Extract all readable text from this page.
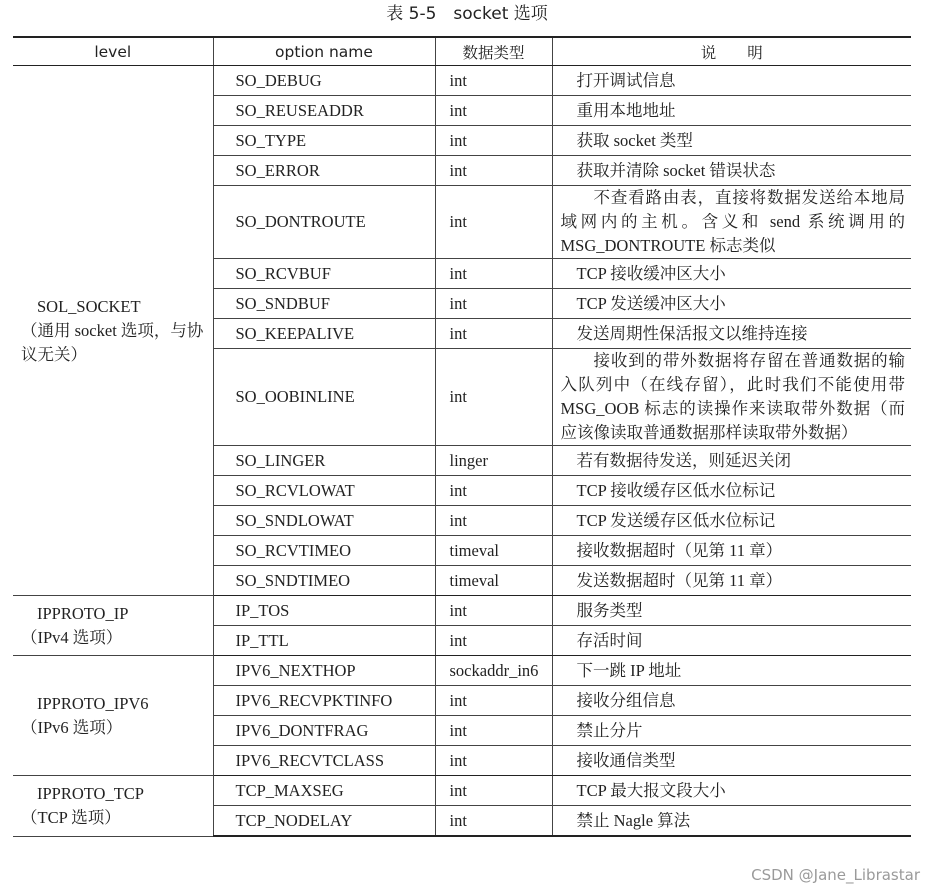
表 5-5　socket 选项
level	option name	数据类型	说　　明

SOL_SOCKET
（通用 socket 选项，与协议无关）	SO_DEBUG	int	打开调试信息
	SO_REUSEADDR	int	重用本地地址
	SO_TYPE	int	获取 socket 类型
	SO_ERROR	int	获取并清除 socket 错误状态
	SO_DONTROUTE	int	不查看路由表，直接将数据发送给本地局域网内的主机。含义和 send 系统调用的 MSG_DONTROUTE 标志类似
	SO_RCVBUF	int	TCP 接收缓冲区大小
	SO_SNDBUF	int	TCP 发送缓冲区大小
	SO_KEEPALIVE	int	发送周期性保活报文以维持连接
	SO_OOBINLINE	int	接收到的带外数据将存留在普通数据的输入队列中（在线存留），此时我们不能使用带 MSG_OOB 标志的读操作来读取带外数据（而应该像读取普通数据那样读取带外数据）
	SO_LINGER	linger	若有数据待发送，则延迟关闭
	SO_RCVLOWAT	int	TCP 接收缓存区低水位标记
	SO_SNDLOWAT	int	TCP 发送缓存区低水位标记
	SO_RCVTIMEO	timeval	接收数据超时（见第 11 章）
	SO_SNDTIMEO	timeval	发送数据超时（见第 11 章）

IPPROTO_IP
（IPv4 选项）	IP_TOS	int	服务类型
	IP_TTL	int	存活时间

IPPROTO_IPV6
（IPv6 选项）	IPV6_NEXTHOP	sockaddr_in6	下一跳 IP 地址
	IPV6_RECVPKTINFO	int	接收分组信息
	IPV6_DONTFRAG	int	禁止分片
	IPV6_RECVTCLASS	int	接收通信类型

IPPROTO_TCP
（TCP 选项）	TCP_MAXSEG	int	TCP 最大报文段大小
	TCP_NODELAY	int	禁止 Nagle 算法
CSDN @Jane_Librastar
